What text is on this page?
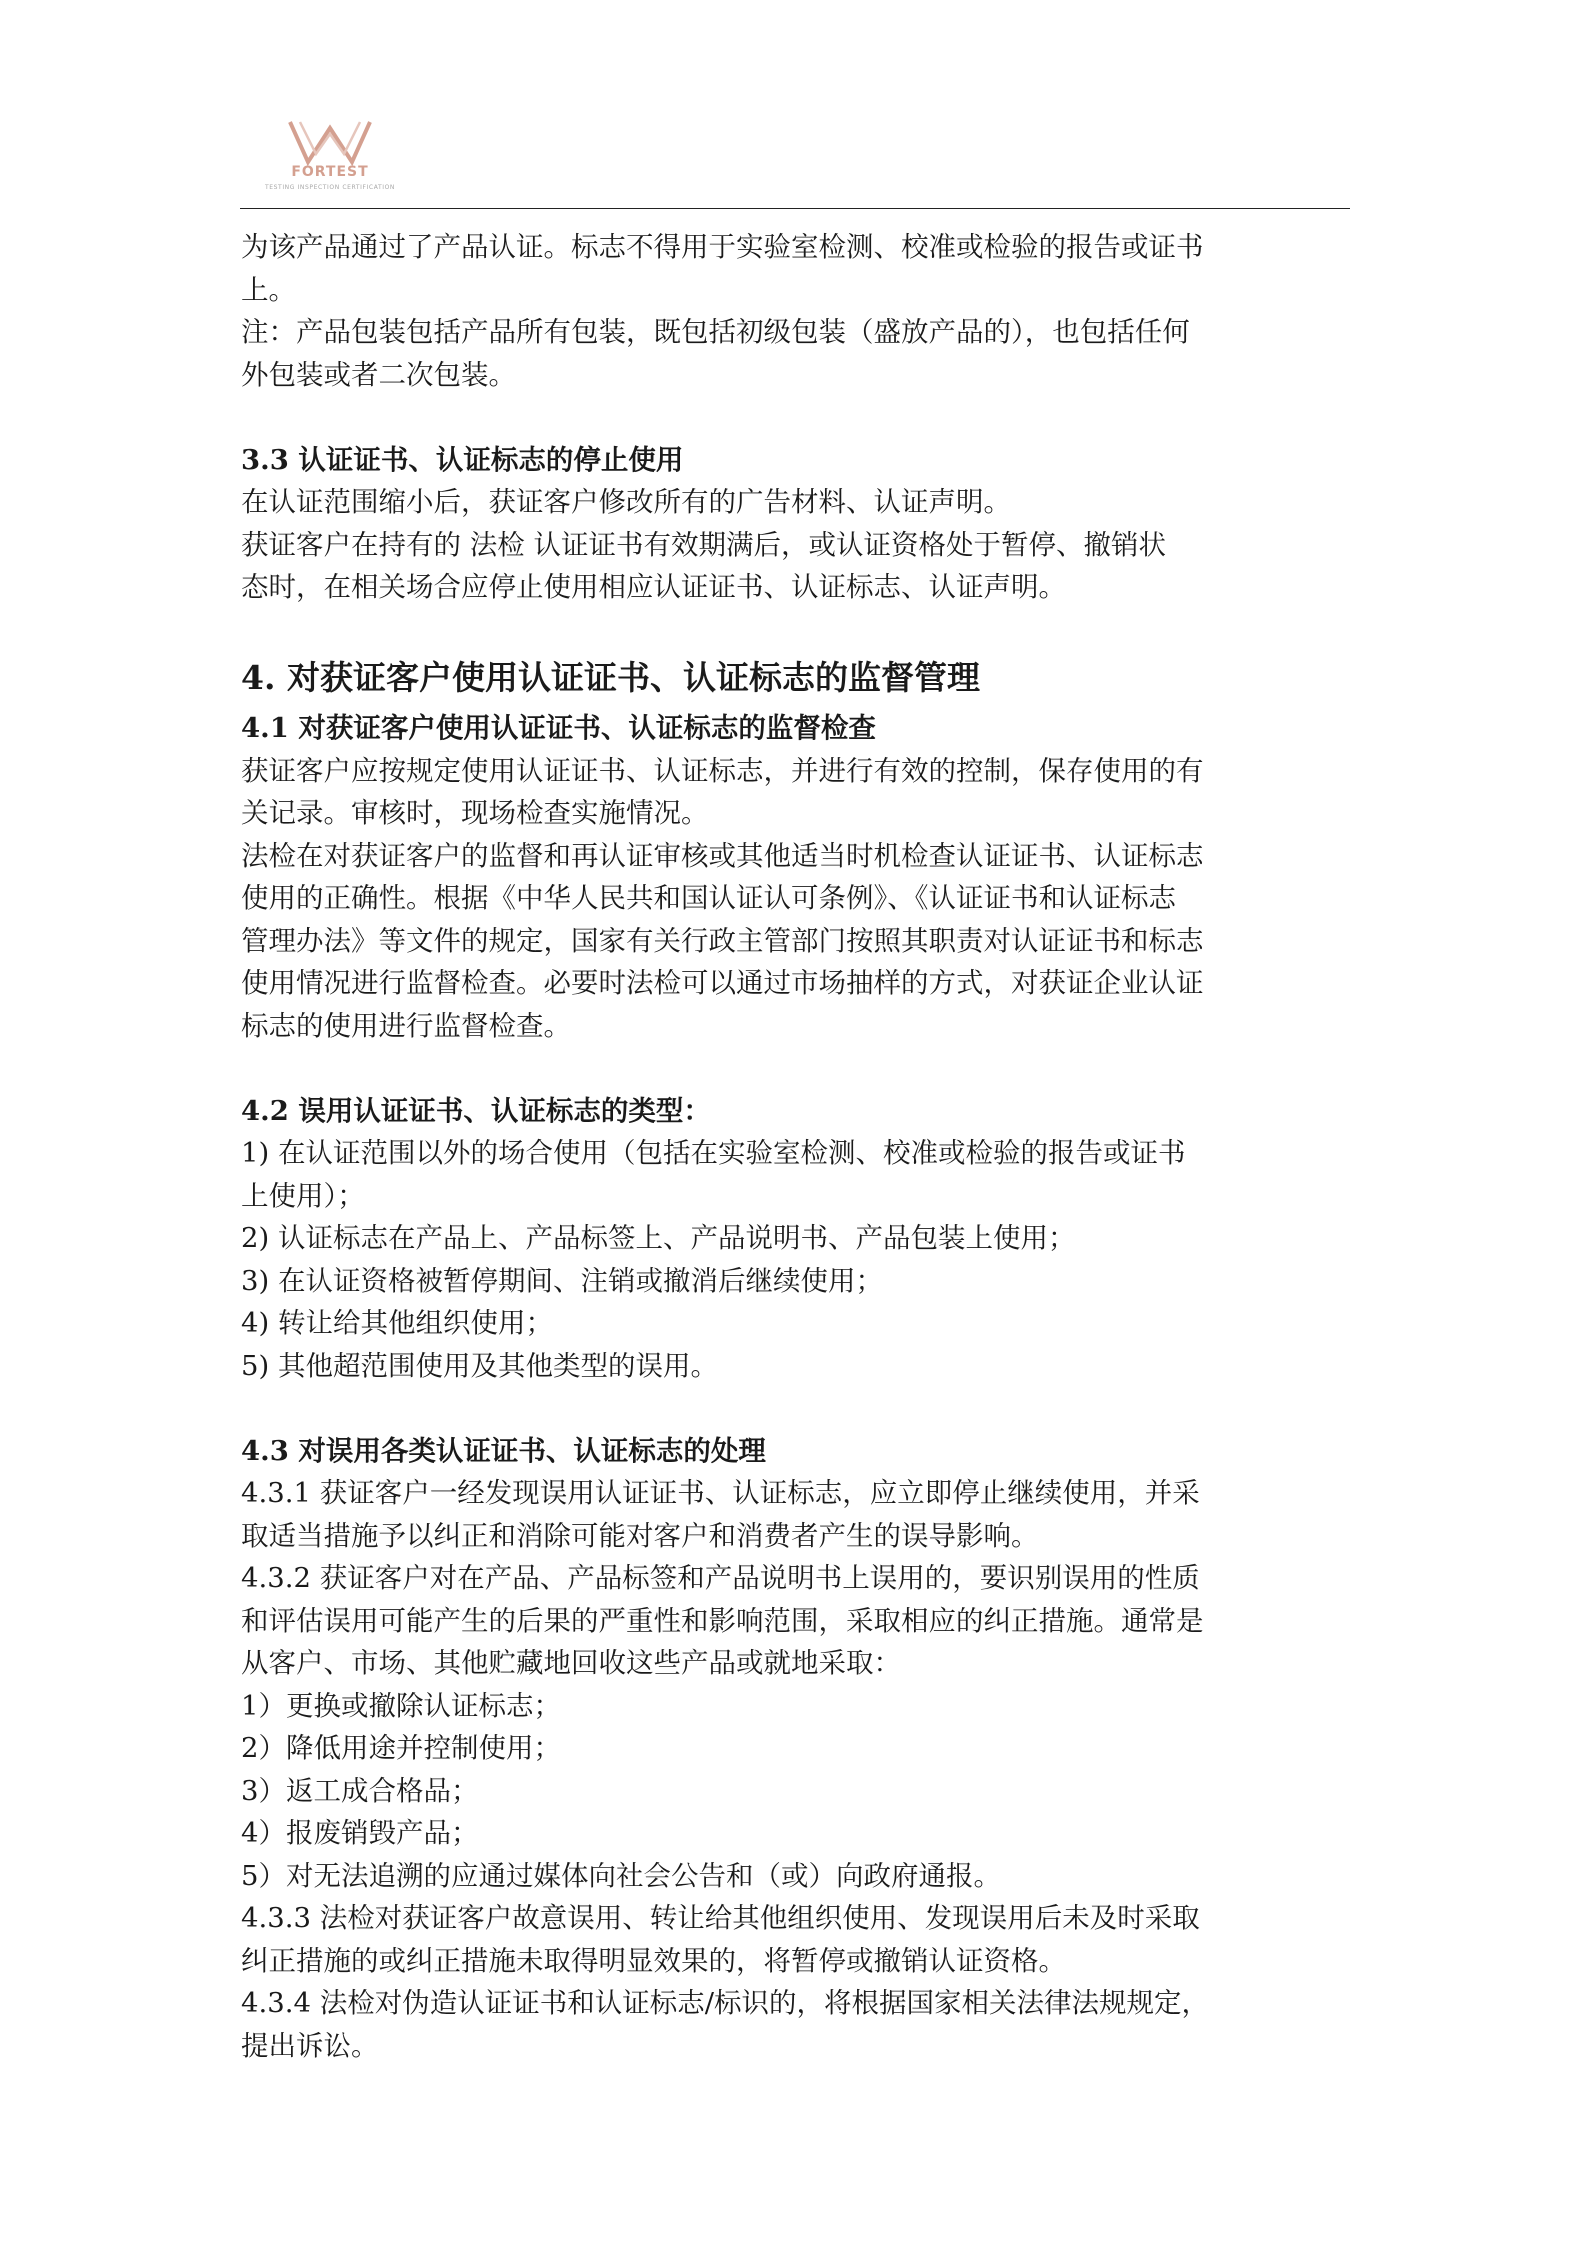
FORTEST
TESTING INSPECTION CERTIFICATION

为该产品通过了产品认证。标志不得用于实验室检测、校准或检验的报告或证书

上。

注：产品包装包括产品所有包装，既包括初级包装（盛放产品的），也包括任何

外包装或者二次包装。

3.3 认证证书、认证标志的停止使用

在认证范围缩小后，获证客户修改所有的广告材料、认证声明。

获证客户在持有的 法检 认证证书有效期满后，或认证资格处于暂停、撤销状

态时，在相关场合应停止使用相应认证证书、认证标志、认证声明。

4. 对获证客户使用认证证书、认证标志的监督管理

4.1 对获证客户使用认证证书、认证标志的监督检查

获证客户应按规定使用认证证书、认证标志，并进行有效的控制，保存使用的有

关记录。审核时，现场检查实施情况。

法检在对获证客户的监督和再认证审核或其他适当时机检查认证证书、认证标志

使用的正确性。根据《中华人民共和国认证认可条例》、《认证证书和认证标志

管理办法》等文件的规定，国家有关行政主管部门按照其职责对认证证书和标志

使用情况进行监督检查。必要时法检可以通过市场抽样的方式，对获证企业认证

标志的使用进行监督检查。

4.2 误用认证证书、认证标志的类型：

1) 在认证范围以外的场合使用（包括在实验室检测、校准或检验的报告或证书

上使用）；

2) 认证标志在产品上、产品标签上、产品说明书、产品包装上使用；

3) 在认证资格被暂停期间、注销或撤消后继续使用；

4) 转让给其他组织使用；

5) 其他超范围使用及其他类型的误用。

4.3 对误用各类认证证书、认证标志的处理

4.3.1 获证客户一经发现误用认证证书、认证标志，应立即停止继续使用，并采

取适当措施予以纠正和消除可能对客户和消费者产生的误导影响。

4.3.2 获证客户对在产品、产品标签和产品说明书上误用的，要识别误用的性质

和评估误用可能产生的后果的严重性和影响范围，采取相应的纠正措施。通常是

从客户、市场、其他贮藏地回收这些产品或就地采取：

1）更换或撤除认证标志；

2）降低用途并控制使用；

3）返工成合格品；

4）报废销毁产品；

5）对无法追溯的应通过媒体向社会公告和（或）向政府通报。

4.3.3 法检对获证客户故意误用、转让给其他组织使用、发现误用后未及时采取

纠正措施的或纠正措施未取得明显效果的，将暂停或撤销认证资格。

4.3.4 法检对伪造认证证书和认证标志/标识的，将根据国家相关法律法规规定，

提出诉讼。
